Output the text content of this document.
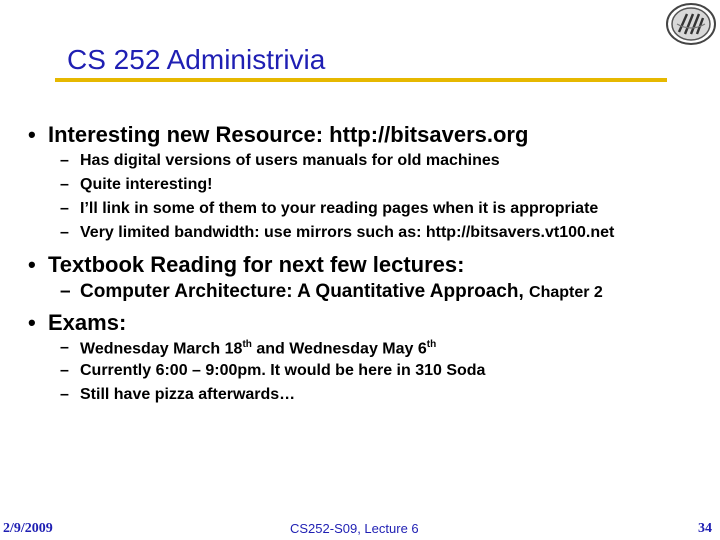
CS 252 Administrivia
• Interesting new Resource: http://bitsavers.org
– Has digital versions of users manuals for old machines
– Quite interesting!
– I’ll link in some of them to your reading pages when it is appropriate
– Very limited bandwidth: use mirrors such as: http://bitsavers.vt100.net
• Textbook Reading for next few lectures:
– Computer Architecture: A Quantitative Approach, Chapter 2
• Exams:
– Wednesday March 18th and Wednesday May 6th
– Currently 6:00 – 9:00pm. It would be here in 310 Soda
– Still have pizza afterwards…
2/9/2009	CS252-S09, Lecture 6	34
